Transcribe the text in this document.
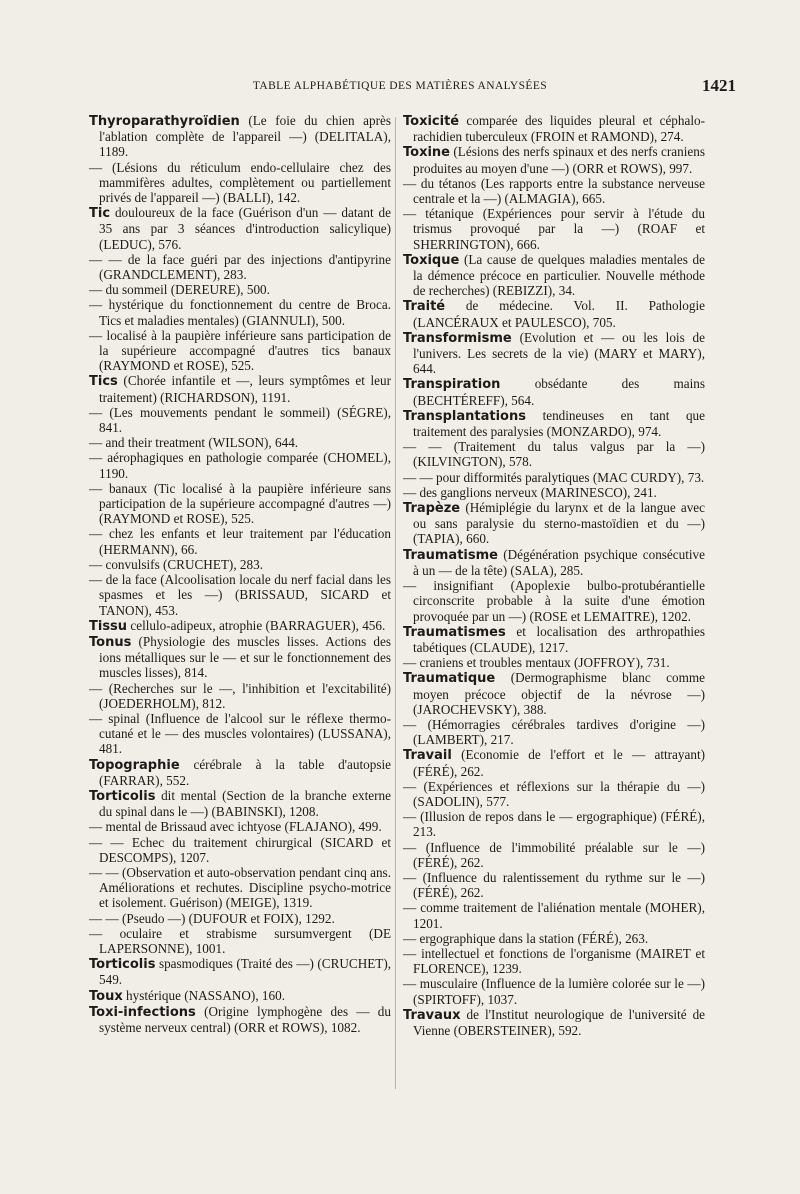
TABLE ALPHABÉTIQUE DES MATIÈRES ANALYSÉES	1421

Thyroparathyroïdien (Le foie du chien après l'ablation complète de l'appareil —) (DELITALA), 1189.

— (Lésions du réticulum endo-cellulaire chez des mammifères adultes, complètement ou partiellement privés de l'appareil —) (BALLI), 142.

Tic douloureux de la face (Guérison d'un — datant de 35 ans par 3 séances d'introduction salicylique) (LEDUC), 576.

— — de la face guéri par des injections d'antipyrine (GRANDCLEMENT), 283.

— du sommeil (DEREURE), 500.

— hystérique du fonctionnement du centre de Broca. Tics et maladies mentales) (GIANNULI), 500.

— localisé à la paupière inférieure sans participation de la supérieure accompagné d'autres tics banaux (RAYMOND et ROSE), 525.

Tics (Chorée infantile et —, leurs symptômes et leur traitement) (RICHARDSON), 1191.

— (Les mouvements pendant le sommeil) (SÉGRE), 841.

— and their treatment (WILSON), 644.

— aérophagiques en pathologie comparée (CHOMEL), 1190.

— banaux (Tic localisé à la paupière inférieure sans participation de la supérieure accompagné d'autres —) (RAYMOND et ROSE), 525.

— chez les enfants et leur traitement par l'éducation (HERMANN), 66.

— convulsifs (CRUCHET), 283.

— de la face (Alcoolisation locale du nerf facial dans les spasmes et les —) (BRISSAUD, SICARD et TANON), 453.

Tissu cellulo-adipeux, atrophie (BARRAGUER), 456.

Tonus (Physiologie des muscles lisses. Actions des ions métalliques sur le — et sur le fonctionnement des muscles lisses), 814.

— (Recherches sur le —, l'inhibition et l'excitabilité) (JOEDERHOLM), 812.

— spinal (Influence de l'alcool sur le réflexe thermo-cutané et le — des muscles volontaires) (LUSSANA), 481.

Topographie cérébrale à la table d'autopsie (FARRAR), 552.

Torticolis dit mental (Section de la branche externe du spinal dans le —) (BABINSKI), 1208.

— mental de Brissaud avec ichtyose (FLAJANO), 499.

— — Echec du traitement chirurgical (SICARD et DESCOMPS), 1207.

— — (Observation et auto-observation pendant cinq ans. Améliorations et rechutes. Discipline psycho-motrice et isolement. Guérison) (MEIGE), 1319.

— — (Pseudo —) (DUFOUR et FOIX), 1292.

— oculaire et strabisme sursumvergent (DE LAPERSONNE), 1001.

Torticolis spasmodiques (Traité des —) (CRUCHET), 549.

Toux hystérique (NASSANO), 160.

Toxi-infections (Origine lymphogène des — du système nerveux central) (ORR et ROWS), 1082.

Toxicité comparée des liquides pleural et céphalo-rachidien tuberculeux (FROIN et RAMOND), 274.

Toxine (Lésions des nerfs spinaux et des nerfs craniens produites au moyen d'une —) (ORR et ROWS), 997.

— du tétanos (Les rapports entre la substance nerveuse centrale et la —) (ALMAGIA), 665.

— tétanique (Expériences pour servir à l'étude du trismus provoqué par la —) (ROAF et SHERRINGTON), 666.

Toxique (La cause de quelques maladies mentales de la démence précoce en particulier. Nouvelle méthode de recherches) (REBIZZI), 34.

Traité de médecine. Vol. II. Pathologie (LANCÉRAUX et PAULESCO), 705.

Transformisme (Evolution et — ou les lois de l'univers. Les secrets de la vie) (MARY et MARY), 644.

Transpiration	obsédante des mains (BECHTÉREFF), 564.

Transplantations tendineuses en tant que traitement des paralysies (MONZARDO), 974.

— — (Traitement du talus valgus par la —) (KILVINGTON), 578.

— — pour difformités paralytiques (MAC CURDY), 73.

— des ganglions nerveux (MARINESCO), 241.

Trapèze (Hémiplégie du larynx et de la langue avec ou sans paralysie du sterno-mastoïdien et du —) (TAPIA), 660.

Traumatisme (Dégénération psychique consécutive à un — de la tête) (SALA), 285.

— insignifiant (Apoplexie bulbo-protubérantielle circonscrite probable à la suite d'une émotion provoquée par un —) (ROSE et LEMAITRE), 1202.

Traumatismes et localisation des arthropathies tabétiques (CLAUDE), 1217.

— craniens et troubles mentaux (JOFFROY), 731.

Traumatique (Dermographisme blanc comme moyen précoce objectif de la névrose —) (JAROCHEVSKY), 388.

— (Hémorragies cérébrales tardives d'origine —) (LAMBERT), 217.

Travail (Economie de l'effort et le — attrayant) (FÉRÉ), 262.

— (Expériences et réflexions sur la thérapie du —) (SADOLIN), 577.

— (Illusion de repos dans le — ergographique) (FÉRÉ), 213.

— (Influence de l'immobilité préalable sur le —) (FÉRÉ), 262.

— (Influence du ralentissement du rythme sur le —) (FÉRÉ), 262.

— comme traitement de l'aliénation mentale (MOHER), 1201.

— ergographique dans la station (FÉRÉ), 263.

— intellectuel et fonctions de l'organisme (MAIRET et FLORENCE), 1239.

— musculaire (Influence de la lumière colorée sur le —) (SPIRTOFF), 1037.

Travaux de l'Institut neurologique de l'université de Vienne (OBERSTEINER), 592.
